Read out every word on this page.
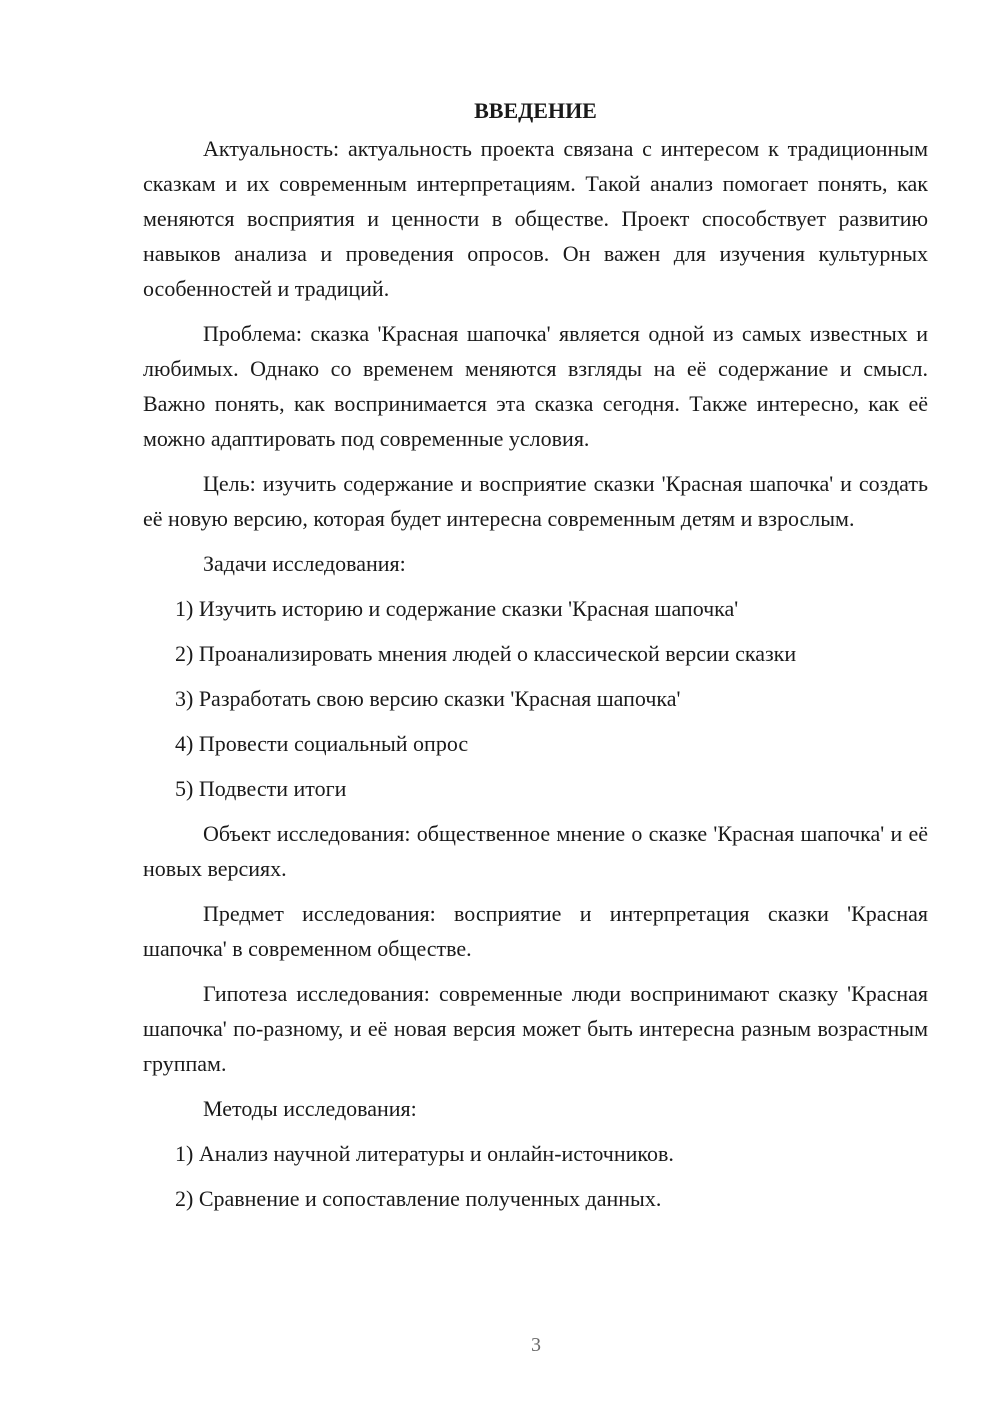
ВВЕДЕНИЕ

Актуальность: актуальность проекта связана с интересом к традиционным сказкам и их современным интерпретациям. Такой анализ помогает понять, как меняются восприятия и ценности в обществе. Проект способствует развитию навыков анализа и проведения опросов. Он важен для изучения культурных особенностей и традиций.

Проблема: сказка 'Красная шапочка' является одной из самых известных и любимых. Однако со временем меняются взгляды на её содержание и смысл. Важно понять, как воспринимается эта сказка сегодня. Также интересно, как её можно адаптировать под современные условия.

Цель: изучить содержание и восприятие сказки 'Красная шапочка' и создать её новую версию, которая будет интересна современным детям и взрослым.

Задачи исследования:

1) Изучить историю и содержание сказки 'Красная шапочка'
2) Проанализировать мнения людей о классической версии сказки
3) Разработать свою версию сказки 'Красная шапочка'
4) Провести социальный опрос
5) Подвести итоги

Объект исследования: общественное мнение о сказке 'Красная шапочка' и её новых версиях.

Предмет исследования: восприятие и интерпретация сказки 'Красная шапочка' в современном обществе.

Гипотеза исследования: современные люди воспринимают сказку 'Красная шапочка' по-разному, и её новая версия может быть интересна разным возрастным группам.

Методы исследования:

1) Анализ научной литературы и онлайн-источников.
2) Сравнение и сопоставление полученных данных.
3
